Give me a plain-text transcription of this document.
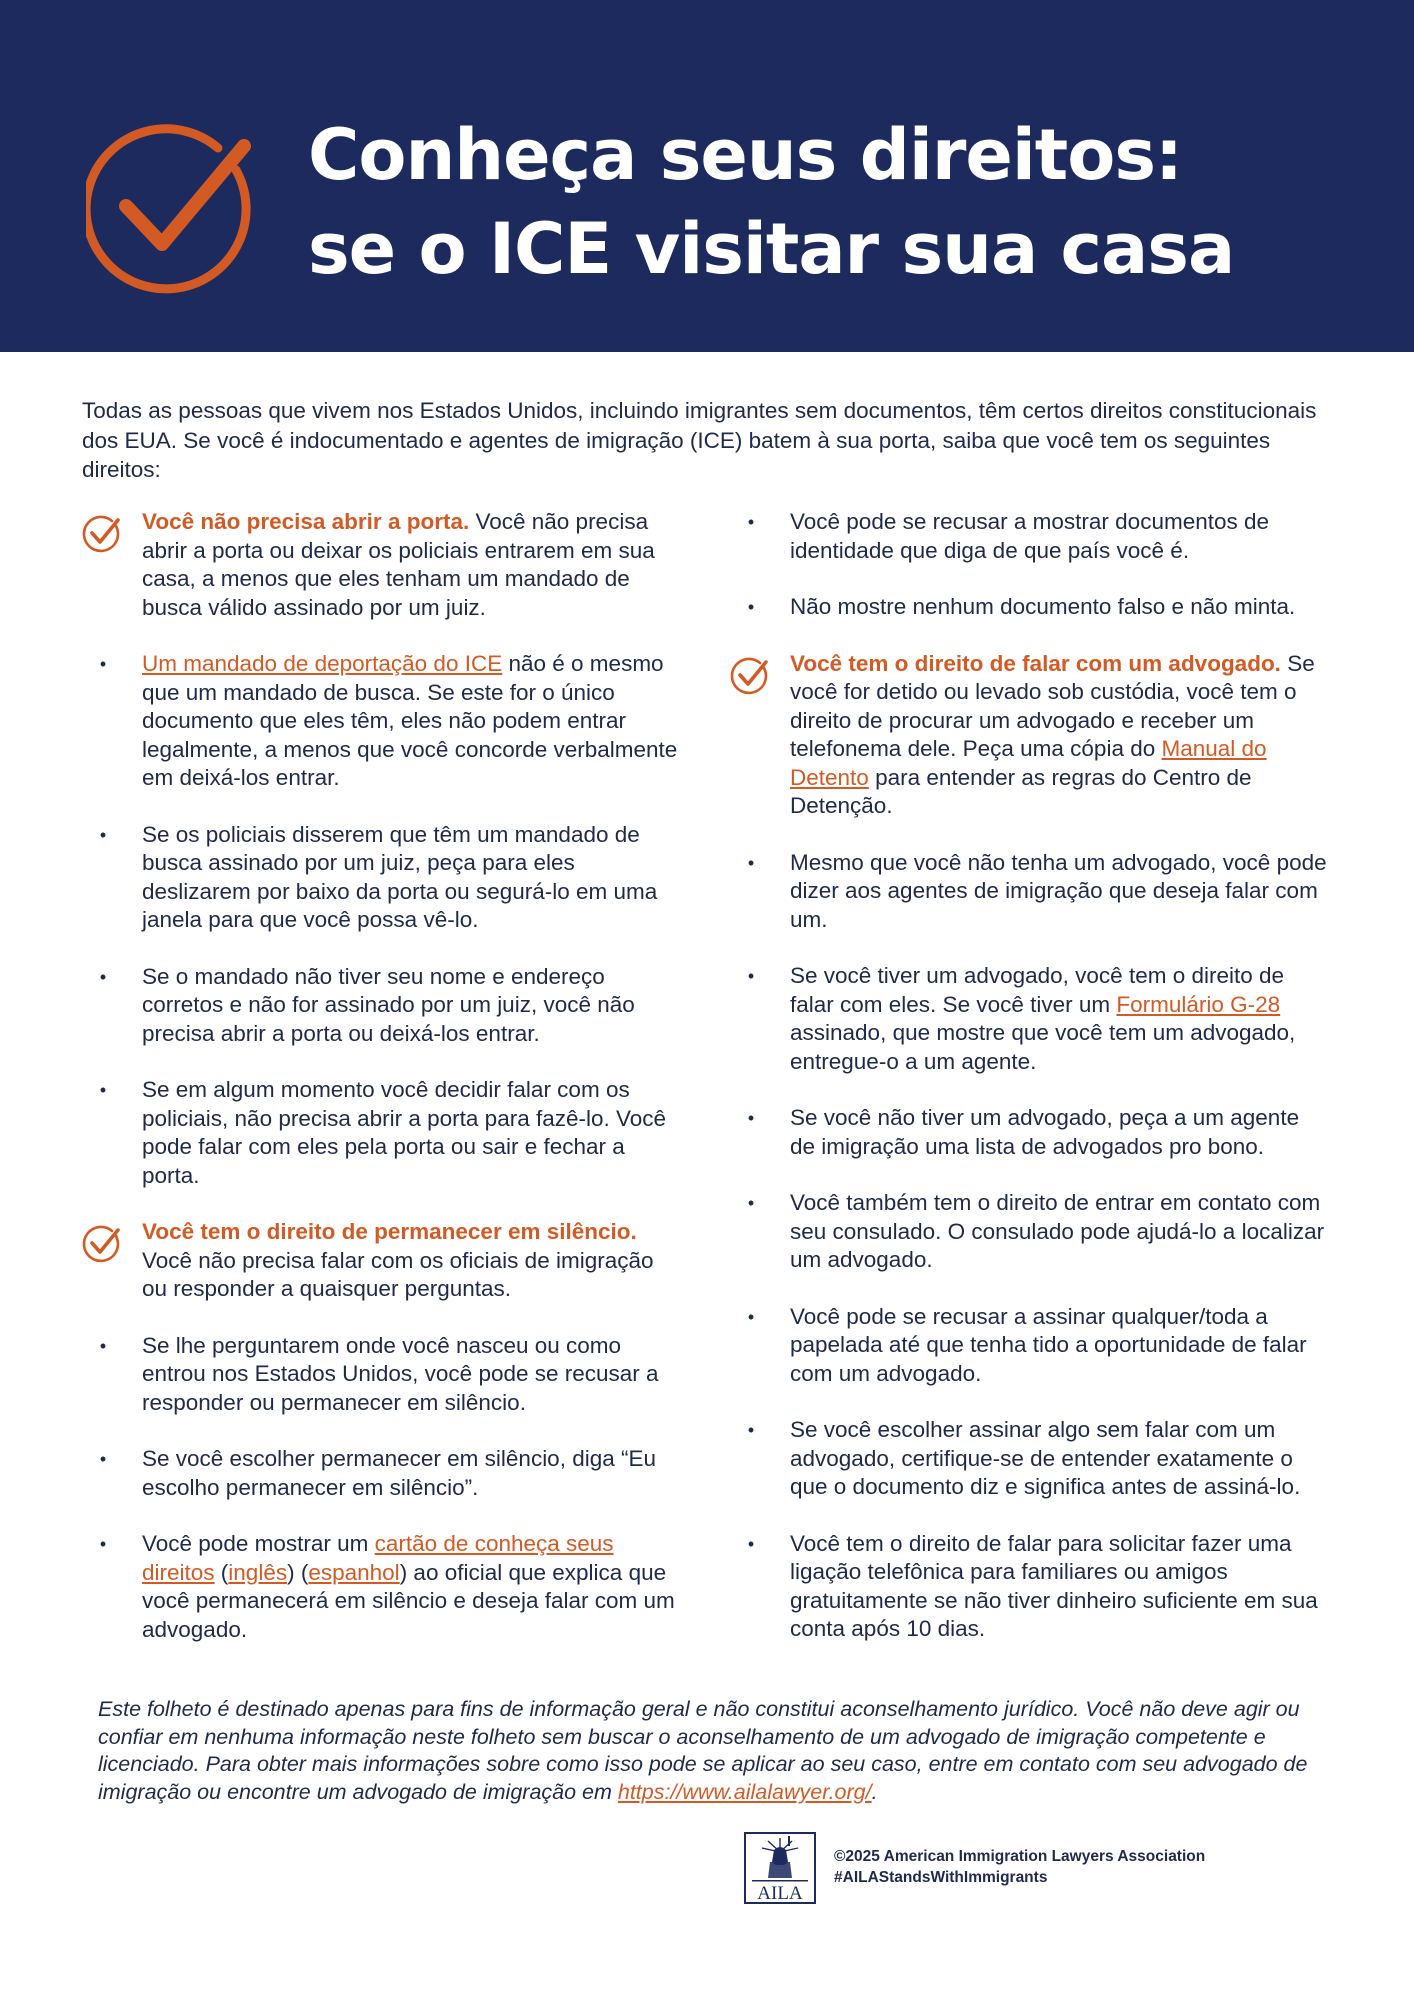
Conheça seus direitos:
se o ICE visitar sua casa

Todas as pessoas que vivem nos Estados Unidos, incluindo imigrantes sem documentos, têm certos direitos constitucionais dos EUA. Se você é indocumentado e agentes de imigração (ICE) batem à sua porta, saiba que você tem os seguintes direitos:

Você não precisa abrir a porta. Você não precisa abrir a porta ou deixar os policiais entrarem em sua casa, a menos que eles tenham um mandado de busca válido assinado por um juiz.

• Um mandado de deportação do ICE não é o mesmo que um mandado de busca. Se este for o único documento que eles têm, eles não podem entrar legalmente, a menos que você concorde verbalmente em deixá-los entrar.

• Se os policiais disserem que têm um mandado de busca assinado por um juiz, peça para eles deslizarem por baixo da porta ou segurá-lo em uma janela para que você possa vê-lo.

• Se o mandado não tiver seu nome e endereço corretos e não for assinado por um juiz, você não precisa abrir a porta ou deixá-los entrar.

• Se em algum momento você decidir falar com os policiais, não precisa abrir a porta para fazê-lo. Você pode falar com eles pela porta ou sair e fechar a porta.

Você tem o direito de permanecer em silêncio. Você não precisa falar com os oficiais de imigração ou responder a quaisquer perguntas.

• Se lhe perguntarem onde você nasceu ou como entrou nos Estados Unidos, você pode se recusar a responder ou permanecer em silêncio.

• Se você escolher permanecer em silêncio, diga “Eu escolho permanecer em silêncio”.

• Você pode mostrar um cartão de conheça seus direitos (inglês) (espanhol) ao oficial que explica que você permanecerá em silêncio e deseja falar com um advogado.

• Você pode se recusar a mostrar documentos de identidade que diga de que país você é.

• Não mostre nenhum documento falso e não minta.

Você tem o direito de falar com um advogado. Se você for detido ou levado sob custódia, você tem o direito de procurar um advogado e receber um telefonema dele. Peça uma cópia do Manual do Detento para entender as regras do Centro de Detenção.

• Mesmo que você não tenha um advogado, você pode dizer aos agentes de imigração que deseja falar com um.

• Se você tiver um advogado, você tem o direito de falar com eles. Se você tiver um Formulário G-28 assinado, que mostre que você tem um advogado, entregue-o a um agente.

• Se você não tiver um advogado, peça a um agente de imigração uma lista de advogados pro bono.

• Você também tem o direito de entrar em contato com seu consulado. O consulado pode ajudá-lo a localizar um advogado.

• Você pode se recusar a assinar qualquer/toda a papelada até que tenha tido a oportunidade de falar com um advogado.

• Se você escolher assinar algo sem falar com um advogado, certifique-se de entender exatamente o que o documento diz e significa antes de assiná-lo.

• Você tem o direito de falar para solicitar fazer uma ligação telefônica para familiares ou amigos gratuitamente se não tiver dinheiro suficiente em sua conta após 10 dias.

Este folheto é destinado apenas para fins de informação geral e não constitui aconselhamento jurídico. Você não deve agir ou confiar em nenhuma informação neste folheto sem buscar o aconselhamento de um advogado de imigração competente e licenciado. Para obter mais informações sobre como isso pode se aplicar ao seu caso, entre em contato com seu advogado de imigração ou encontre um advogado de imigração em https://www.ailalawyer.org/.

AILA
©2025 American Immigration Lawyers Association
#AILAStandsWithImmigrants
